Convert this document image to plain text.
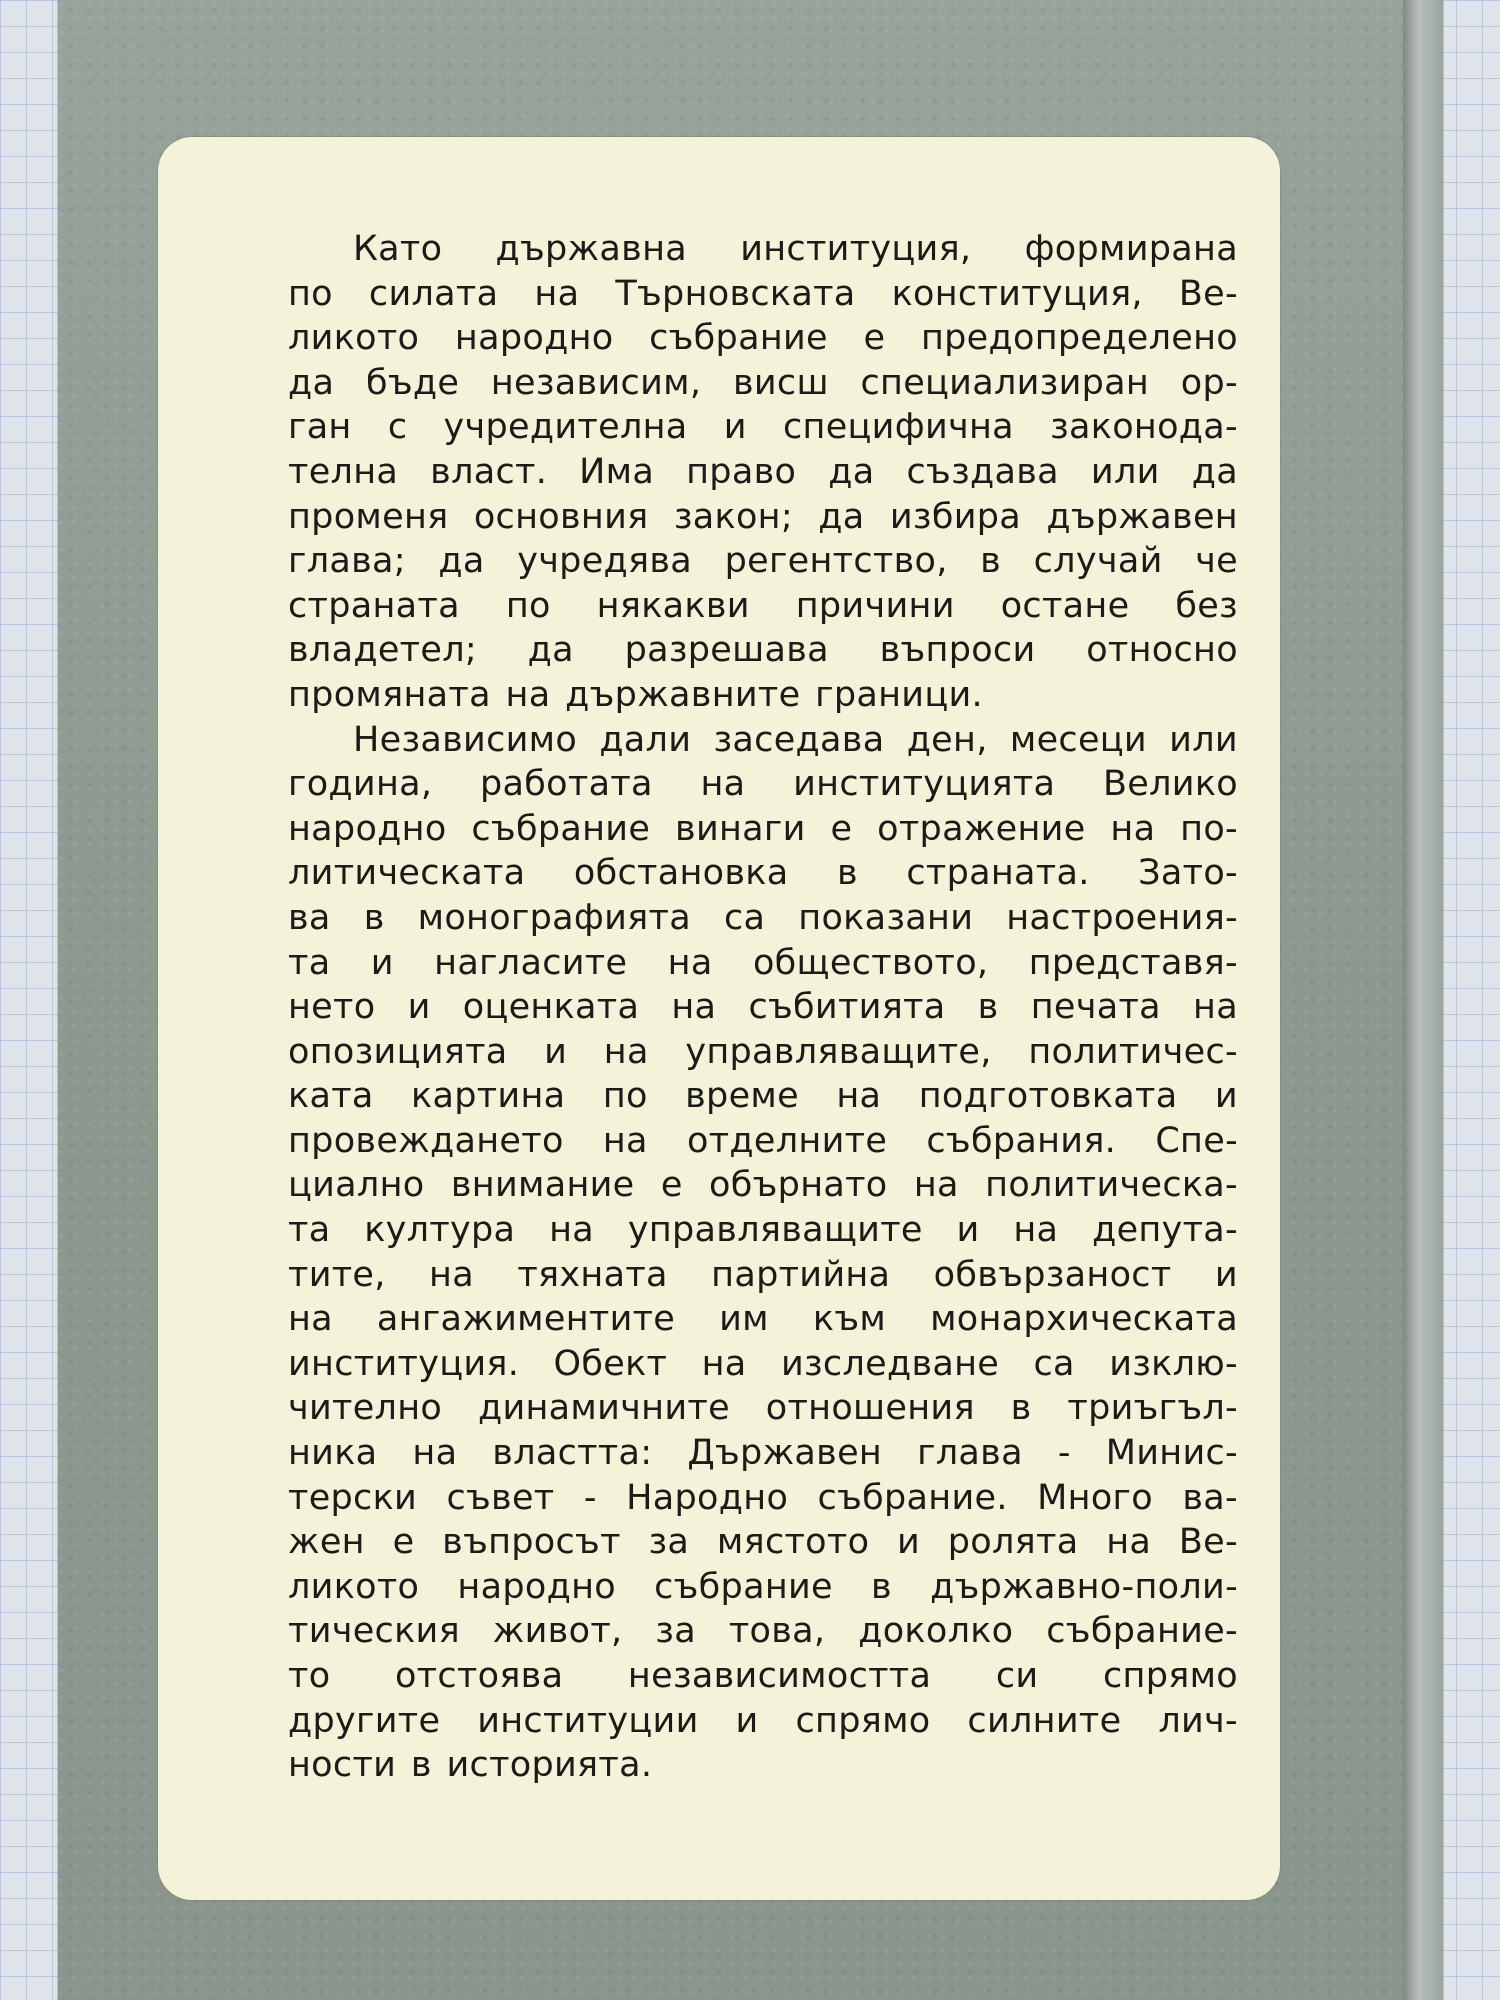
Като държавна институция, формирана
по силата на Търновската конституция, Ве-
ликото народно събрание е предопределено
да бъде независим, висш специализиран ор-
ган с учредителна и специфична законода-
телна власт. Има право да създава или да
променя основния закон; да избира държавен
глава; да учредява регентство, в случай че
страната по някакви причини остане без
владетел; да разрешава въпроси относно
промяната на държавните граници.
Независимо дали заседава ден, месеци или
година, работата на институцията Велико
народно събрание винаги е отражение на по-
литическата обстановка в страната. Зато-
ва в монографията са показани настроения-
та и нагласите на обществото, представя-
нето и оценката на събитията в печата на
опозицията и на управляващите, политичес-
ката картина по време на подготовката и
провеждането на отделните събрания. Спе-
циално внимание е обърнато на политическа-
та култура на управляващите и на депута-
тите, на тяхната партийна обвързаност и
на ангажиментите им към монархическата
институция. Обект на изследване са изклю-
чително динамичните отношения в триъгъл-
ника на властта: Държавен глава - Минис-
терски съвет - Народно събрание. Много ва-
жен е въпросът за мястото и ролята на Ве-
ликото народно събрание в държавно-поли-
тическия живот, за това, доколко събрание-
то отстоява независимостта си спрямо
другите институции и спрямо силните лич-
ности в историята.
